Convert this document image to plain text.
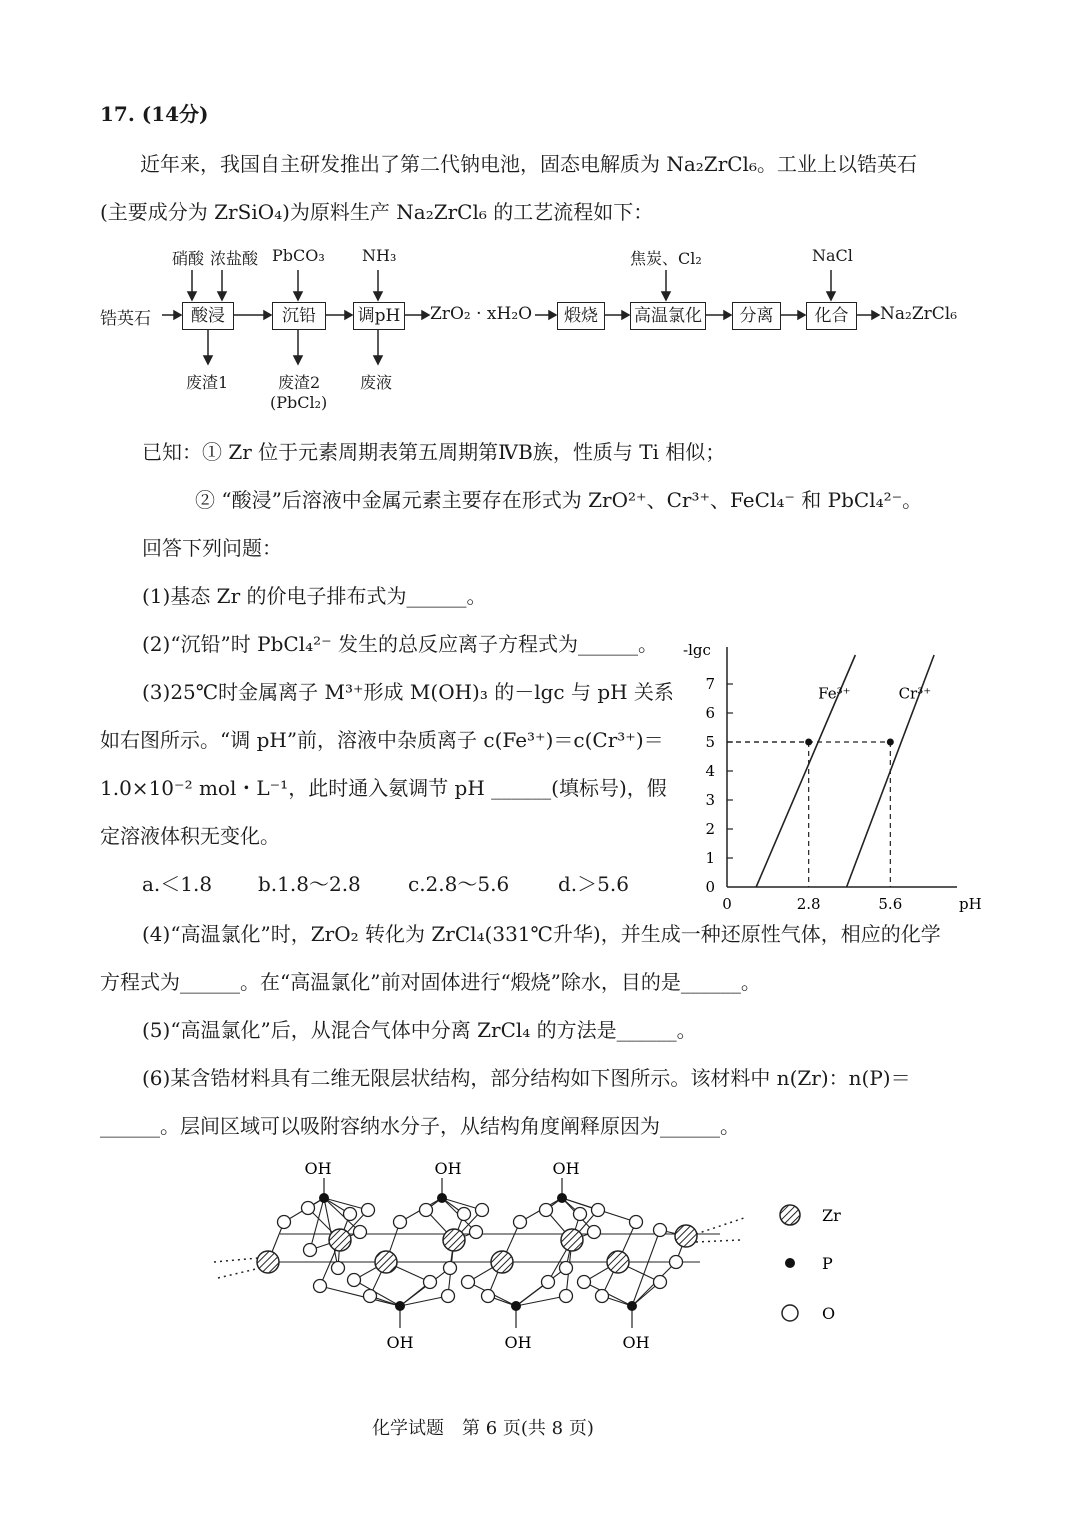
17. (14分)
近年来，我国自主研发推出了第二代钠电池，固态电解质为 Na₂ZrCl₆。工业上以锆英石
(主要成分为 ZrSiO₄)为原料生产 Na₂ZrCl₆ 的工艺流程如下：
锆英石
硝酸 浓盐酸 PbCO₃ NH₃	焦炭、Cl₂	NaCl
酸浸	沉铅	调pH ZrO₂ · xH₂O	煅烧	高温氯化	分离	化合	Na₂ZrCl₆
废渣1	废渣2
(PbCl₂)
废液
已知：① Zr 位于元素周期表第五周期第ⅣB族，性质与 Ti 相似；
② “酸浸”后溶液中金属元素主要存在形式为 ZrO²⁺、Cr³⁺、FeCl₄⁻ 和 PbCl₄²⁻。
回答下列问题：
(1)基态 Zr 的价电子排布式为______。
(2)“沉铅”时 PbCl₄²⁻ 发生的总反应离子方程式为______。
(3)25℃时金属离子 M³⁺形成 M(OH)₃ 的－lgc 与 pH 关系
如右图所示。“调 pH”前，溶液中杂质离子 c(Fe³⁺)＝c(Cr³⁺)＝
1.0×10⁻² mol・L⁻¹，此时通入氨调节 pH ______(填标号)，假
定溶液体积无变化。
a.＜1.8 b.1.8～2.8 c.2.8～5.6 d.＞5.6	0
1
2
3
4
5
6
7
0	2.8	5.6
-lgc
pH
Fe³⁺	Cr³⁺
(4)“高温氯化”时，ZrO₂ 转化为 ZrCl₄(331℃升华)，并生成一种还原性气体，相应的化学
方程式为______。在“高温氯化”前对固体进行“煅烧”除水，目的是______。
(5)“高温氯化”后，从混合气体中分离 ZrCl₄ 的方法是______。
(6)某含锆材料具有二维无限层状结构，部分结构如下图所示。该材料中 n(Zr)：n(P)＝
______。层间区域可以吸附容纳水分子，从结构角度阐释原因为______。
OH	OH	OH
OH	OH	OH
Zr
P
O
化学试题　第 6 页(共 8 页)
